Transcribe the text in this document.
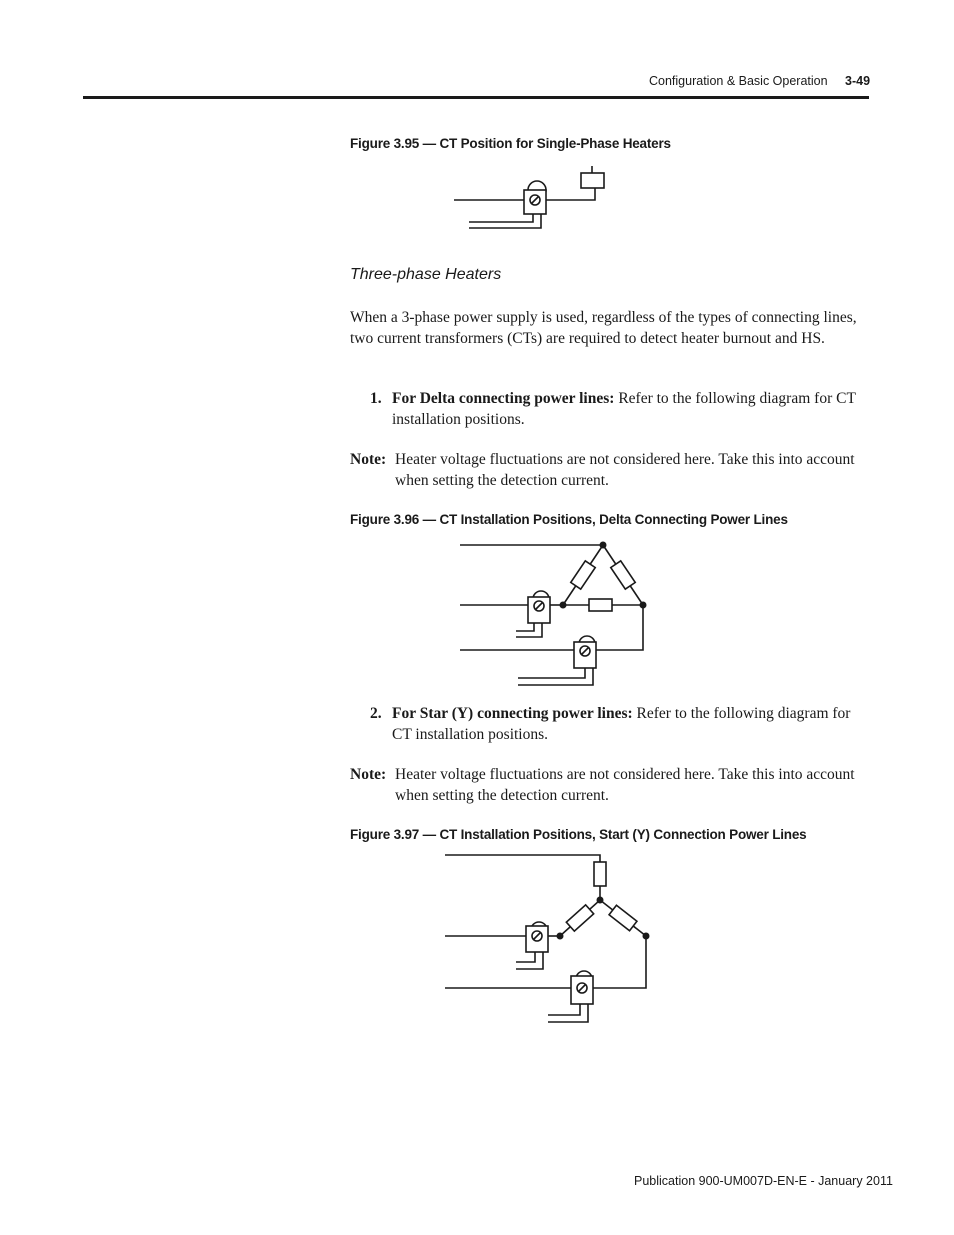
Configuration & Basic Operation 3-49
Figure 3.95 — CT Position for Single-Phase Heaters
Three-phase Heaters
When a 3-phase power supply is used, regardless of the types of connecting lines, two current transformers (CTs) are required to detect heater burnout and HS.
1. For Delta connecting power lines: Refer to the following diagram for CT installation positions.
Note: Heater voltage fluctuations are not considered here. Take this into account when setting the detection current.
Figure 3.96 — CT Installation Positions, Delta Connecting Power Lines
2. For Star (Y) connecting power lines: Refer to the following diagram for CT installation positions.
Note: Heater voltage fluctuations are not considered here. Take this into account when setting the detection current.
Figure 3.97 — CT Installation Positions, Start (Y) Connection Power Lines
Publication 900-UM007D-EN-E - January 2011
